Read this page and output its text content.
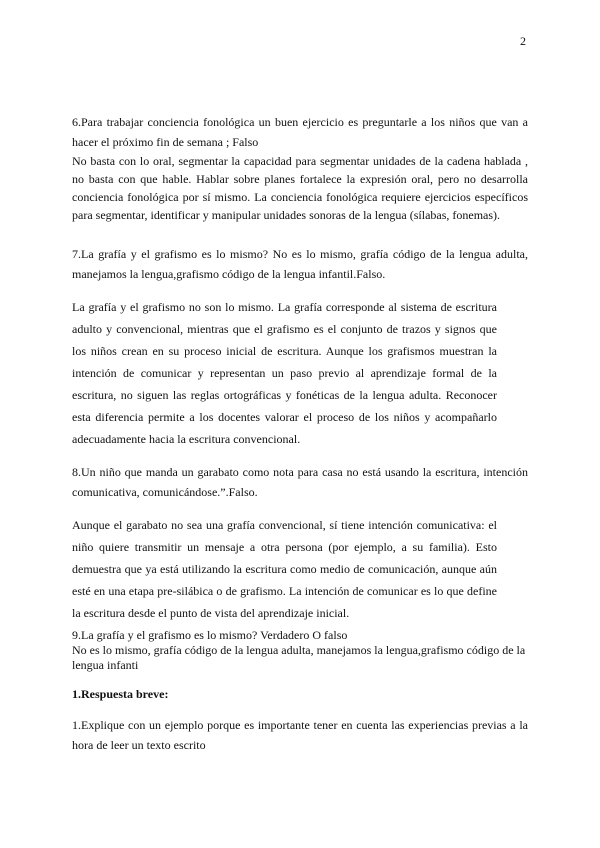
2

6.Para trabajar conciencia fonológica un buen ejercicio es preguntarle a los niños que van a hacer el próximo fin de semana ; Falso

No basta con lo oral, segmentar la capacidad para segmentar unidades de la cadena hablada , no basta con que hable. Hablar sobre planes fortalece la expresión oral, pero no desarrolla conciencia fonológica por sí mismo. La conciencia fonológica requiere ejercicios específicos para segmentar, identificar y manipular unidades sonoras de la lengua (sílabas, fonemas).

7.La grafía y el grafismo es lo mismo? No es lo mismo, grafía código de la lengua adulta, manejamos la lengua,grafismo código de la lengua infantil.Falso.

La grafía y el grafismo no son lo mismo. La grafía corresponde al sistema de escritura adulto y convencional, mientras que el grafismo es el conjunto de trazos y signos que los niños crean en su proceso inicial de escritura. Aunque los grafismos muestran la intención de comunicar y representan un paso previo al aprendizaje formal de la escritura, no siguen las reglas ortográficas y fonéticas de la lengua adulta. Reconocer esta diferencia permite a los docentes valorar el proceso de los niños y acompañarlo adecuadamente hacia la escritura convencional.

8.Un niño que manda un garabato como nota para casa no está usando la escritura, intención comunicativa, comunicándose.”.Falso.

Aunque el garabato no sea una grafía convencional, sí tiene intención comunicativa: el niño quiere transmitir un mensaje a otra persona (por ejemplo, a su familia). Esto demuestra que ya está utilizando la escritura como medio de comunicación, aunque aún esté en una etapa pre-silábica o de grafismo. La intención de comunicar es lo que define la escritura desde el punto de vista del aprendizaje inicial.

9.La grafía y el grafismo es lo mismo? Verdadero O falso

No es lo mismo, grafía código de la lengua adulta, manejamos la lengua,grafismo código de la lengua infanti

1.Respuesta breve:

1.Explique con un ejemplo porque es importante tener en cuenta las experiencias previas a la hora de leer un texto escrito
